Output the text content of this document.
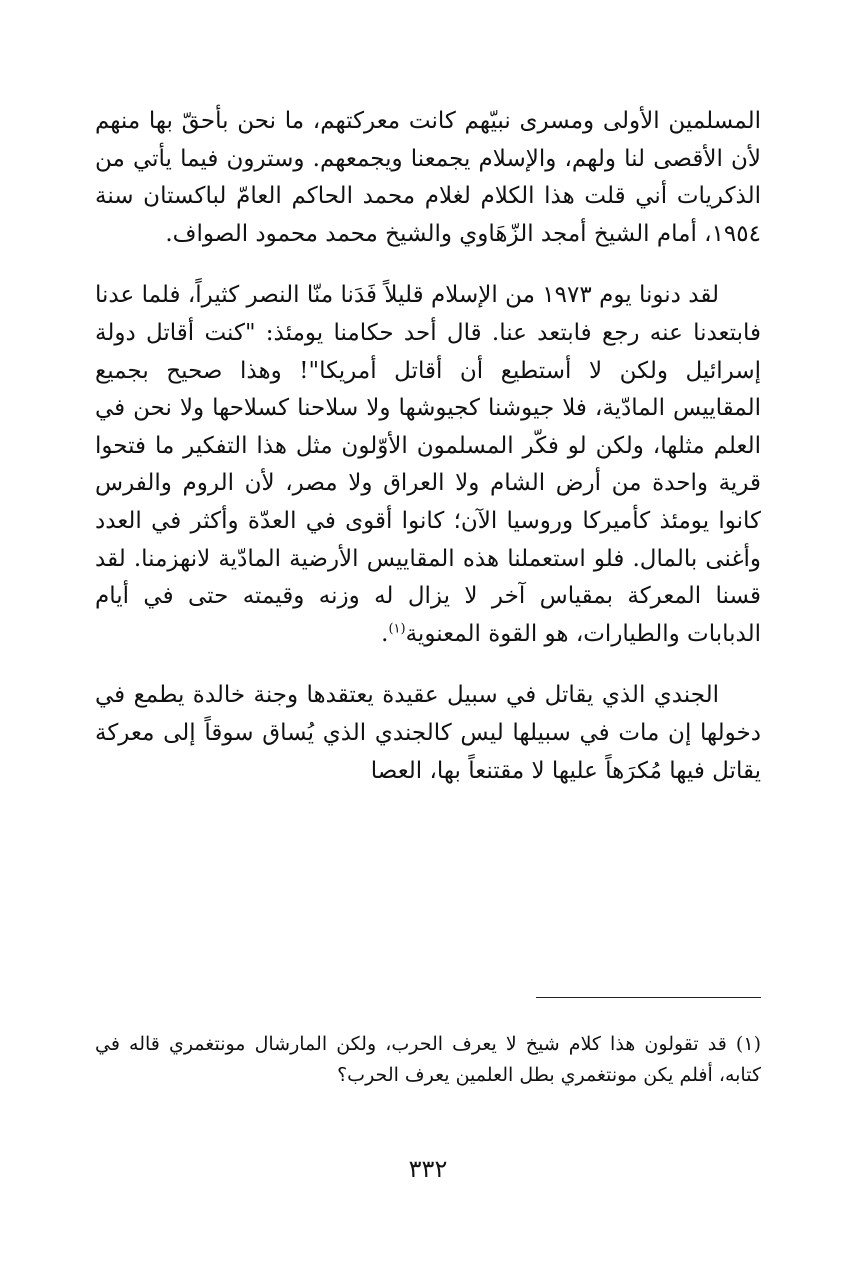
المسلمين الأولى ومسرى نبيّهم كانت معركتهم، ما نحن بأحقّ بها منهم لأن الأقصى لنا ولهم، والإسلام يجمعنا ويجمعهم. وسترون فيما يأتي من الذكريات أني قلت هذا الكلام لغلام محمد الحاكم العامّ لباكستان سنة ١٩٥٤، أمام الشيخ أمجد الزّهَاوي والشيخ محمد محمود الصواف.

لقد دنونا يوم ١٩٧٣ من الإسلام قليلاً فَدَنا منّا النصر كثيراً، فلما عدنا فابتعدنا عنه رجع فابتعد عنا. قال أحد حكامنا يومئذ: "كنت أقاتل دولة إسرائيل ولكن لا أستطيع أن أقاتل أمريكا"! وهذا صحيح بجميع المقاييس المادّية، فلا جيوشنا كجيوشها ولا سلاحنا كسلاحها ولا نحن في العلم مثلها، ولكن لو فكّر المسلمون الأوّلون مثل هذا التفكير ما فتحوا قرية واحدة من أرض الشام ولا العراق ولا مصر، لأن الروم والفرس كانوا يومئذ كأميركا وروسيا الآن؛ كانوا أقوى في العدّة وأكثر في العدد وأغنى بالمال. فلو استعملنا هذه المقاييس الأرضية المادّية لانهزمنا. لقد قسنا المعركة بمقياس آخر لا يزال له وزنه وقيمته حتى في أيام الدبابات والطيارات، هو القوة المعنوية$^{(١)}$.

الجندي الذي يقاتل في سبيل عقيدة يعتقدها وجنة خالدة يطمع في دخولها إن مات في سبيلها ليس كالجندي الذي يُساق سوقاً إلى معركة يقاتل فيها مُكرَهاً عليها لا مقتنعاً بها، العصا

(١) قد تقولون هذا كلام شيخ لا يعرف الحرب، ولكن المارشال مونتغمري قاله في كتابه، أفلم يكن مونتغمري بطل العلمين يعرف الحرب؟

٣٣٢
